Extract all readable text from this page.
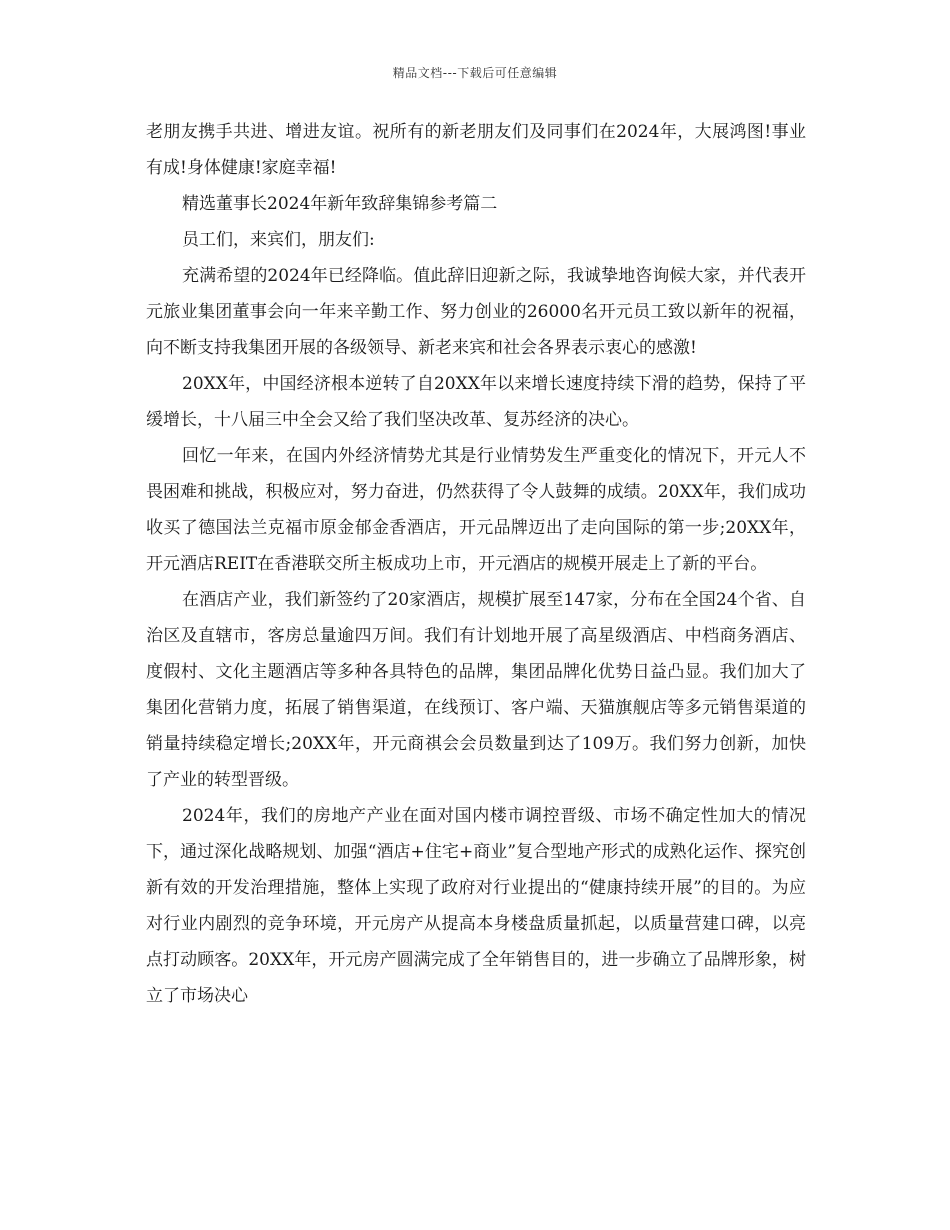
精品文档---下载后可任意编辑

老朋友携手共进、增进友谊。祝所有的新老朋友们及同事们在2024年，大展鸿图!事业有成!身体健康!家庭幸福!

精选董事长2024年新年致辞集锦参考篇二

员工们，来宾们，朋友们:

充满希望的2024年已经降临。值此辞旧迎新之际，我诚挚地咨询候大家，并代表开元旅业集团董事会向一年来辛勤工作、努力创业的26000名开元员工致以新年的祝福，向不断支持我集团开展的各级领导、新老来宾和社会各界表示衷心的感激!

20XX年，中国经济根本逆转了自20XX年以来增长速度持续下滑的趋势，保持了平缓增长，十八届三中全会又给了我们坚决改革、复苏经济的决心。

回忆一年来，在国内外经济情势尤其是行业情势发生严重变化的情况下，开元人不畏困难和挑战，积极应对，努力奋进，仍然获得了令人鼓舞的成绩。20XX年，我们成功收买了德国法兰克福市原金郁金香酒店，开元品牌迈出了走向国际的第一步;20XX年，开元酒店REIT在香港联交所主板成功上市，开元酒店的规模开展走上了新的平台。

在酒店产业，我们新签约了20家酒店，规模扩展至147家，分布在全国24个省、自治区及直辖市，客房总量逾四万间。我们有计划地开展了高星级酒店、中档商务酒店、度假村、文化主题酒店等多种各具特色的品牌，集团品牌化优势日益凸显。我们加大了集团化营销力度，拓展了销售渠道，在线预订、客户端、天猫旗舰店等多元销售渠道的销量持续稳定增长;20XX年，开元商祺会会员数量到达了109万。我们努力创新，加快了产业的转型晋级。

2024年，我们的房地产产业在面对国内楼市调控晋级、市场不确定性加大的情况下，通过深化战略规划、加强“酒店+住宅+商业”复合型地产形式的成熟化运作、探究创新有效的开发治理措施，整体上实现了政府对行业提出的“健康持续开展”的目的。为应对行业内剧烈的竞争环境，开元房产从提高本身楼盘质量抓起，以质量营建口碑，以亮点打动顾客。20XX年，开元房产圆满完成了全年销售目的，进一步确立了品牌形象，树立了市场决心
